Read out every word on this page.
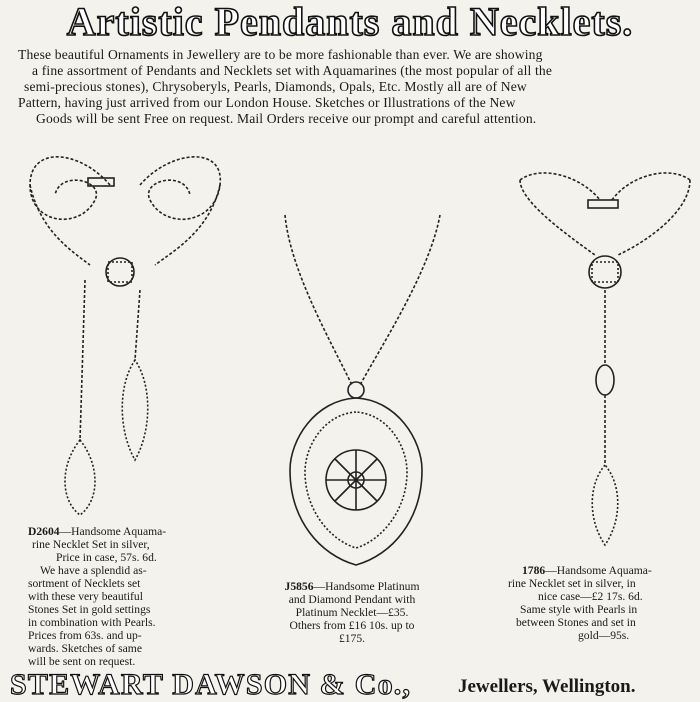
Artistic Pendants and Necklets.
These beautiful Ornaments in Jewellery are to be more fashionable than ever. We are showing
a fine assortment of Pendants and Necklets set with Aquamarines (the most popular of all the
semi-precious stones), Chrysoberyls, Pearls, Diamonds, Opals, Etc. Mostly all are of New
Pattern, having just arrived from our London House. Sketches or Illustrations of the New
Goods will be sent Free on request. Mail Orders receive our prompt and careful attention.
D2604—Handsome Aquama-
rine Necklet Set in silver,
Price in case, 57s. 6d.
We have a splendid as-
sortment of Necklets set
with these very beautiful
Stones Set in gold settings
in combination with Pearls.
Prices from 63s. and up-
wards. Sketches of same
will be sent on request.
J5856—Handsome Platinum
and Diamond Pendant with
Platinum Necklet—£35.
Others from £16 10s. up to
£175.
1786—Handsome Aquama-
rine Necklet set in silver, in
nice case—£2 17s. 6d.
Same style with Pearls in
between Stones and set in
gold—95s.
STEWART DAWSON & Co., Jewellers, Wellington.
